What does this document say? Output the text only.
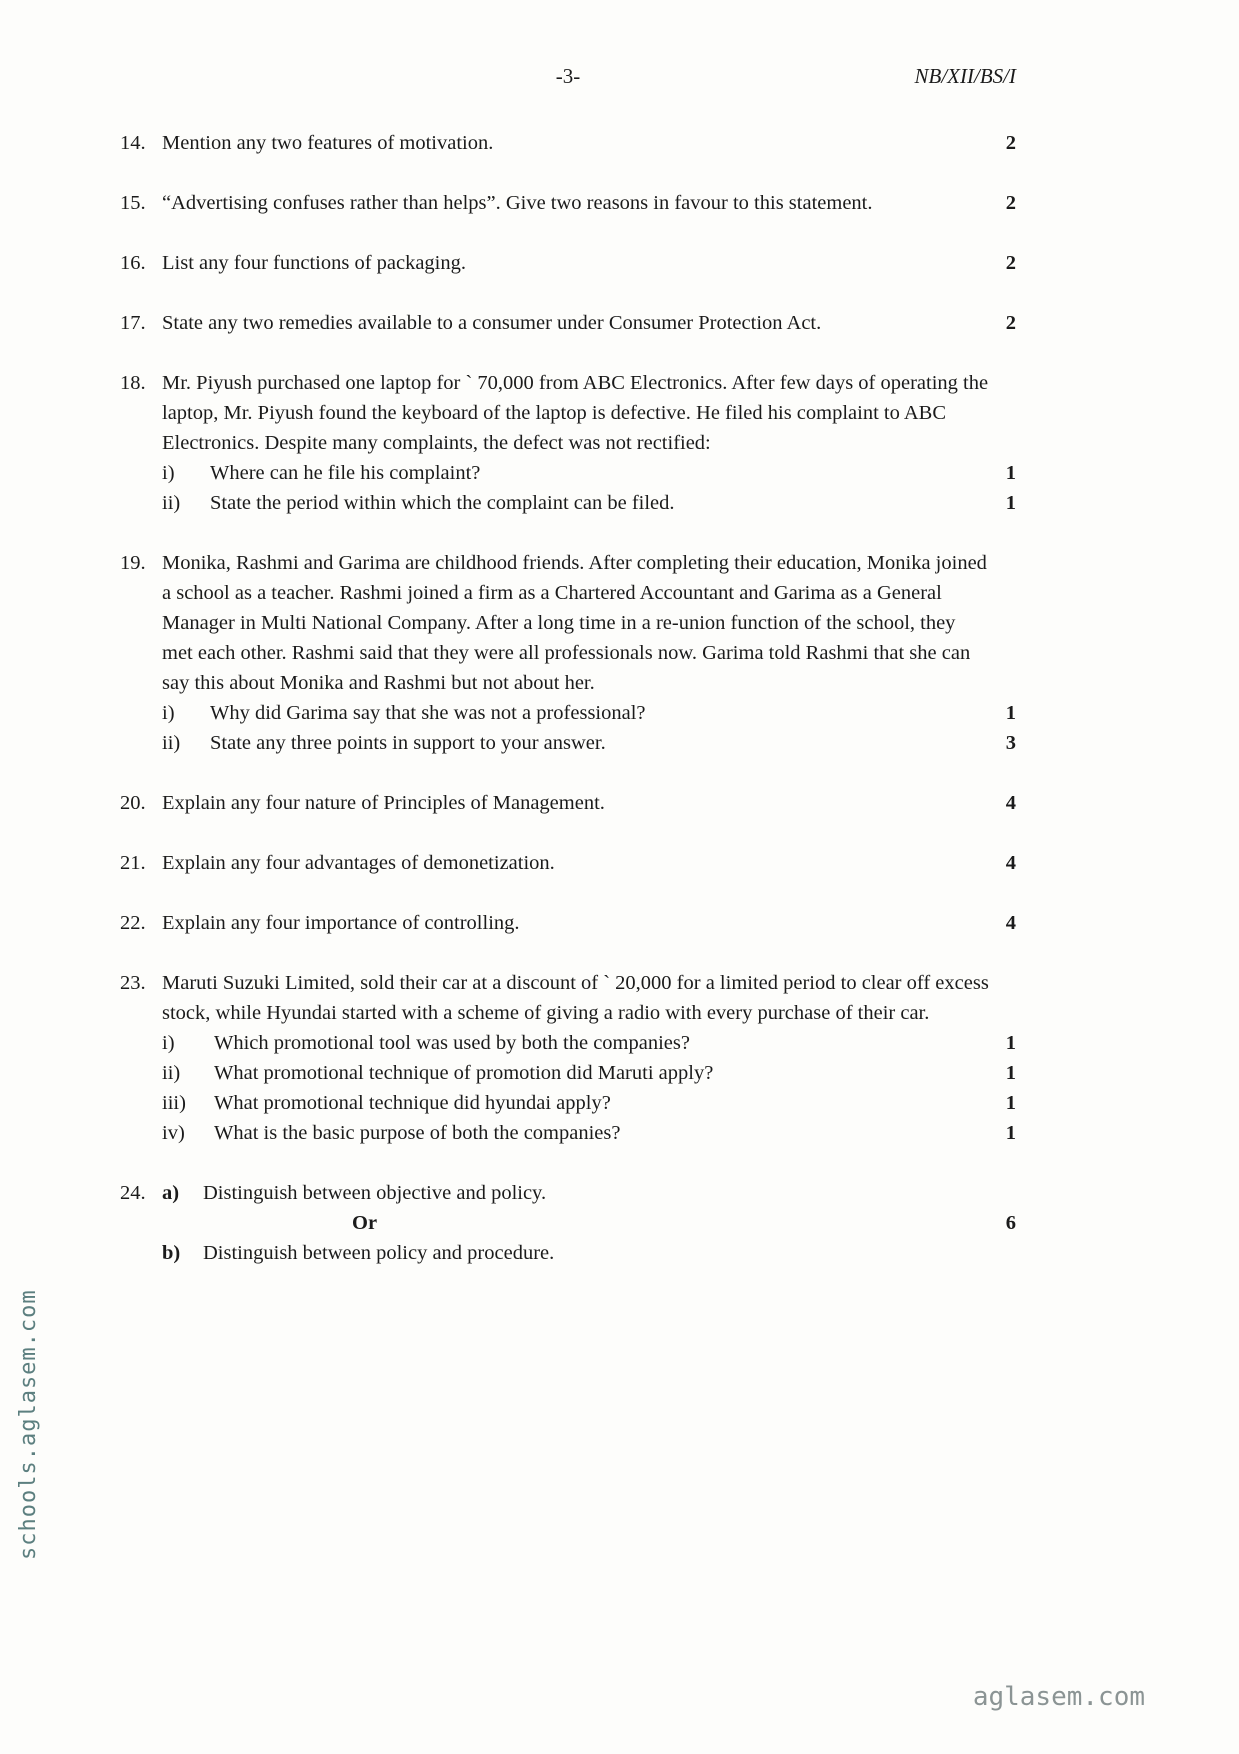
-3-	NB/XII/BS/I
14. Mention any two features of motivation.	2
15. “Advertising confuses rather than helps”. Give two reasons in favour to this statement.	2
16. List any four functions of packaging.	2
17. State any two remedies available to a consumer under Consumer Protection Act.	2
18. Mr. Piyush purchased one laptop for ` 70,000 from ABC Electronics. After few days of operating the laptop, Mr. Piyush found the keyboard of the laptop is defective. He filed his complaint to ABC Electronics. Despite many complaints, the defect was not rectified:
i) Where can he file his complaint?	1
ii) State the period within which the complaint can be filed.	1
19. Monika, Rashmi and Garima are childhood friends. After completing their education, Monika joined a school as a teacher. Rashmi joined a firm as a Chartered Accountant and Garima as a General Manager in Multi National Company. After a long time in a re-union function of the school, they met each other. Rashmi said that they were all professionals now. Garima told Rashmi that she can say this about Monika and Rashmi but not about her.
i) Why did Garima say that she was not a professional?	1
ii) State any three points in support to your answer.	3
20. Explain any four nature of Principles of Management.	4
21. Explain any four advantages of demonetization.	4
22. Explain any four importance of controlling.	4
23. Maruti Suzuki Limited, sold their car at a discount of ` 20,000 for a limited period to clear off excess stock, while Hyundai started with a scheme of giving a radio with every purchase of their car.
i) Which promotional tool was used by both the companies?	1
ii) What promotional technique of promotion did Maruti apply?	1
iii) What promotional technique did hyundai apply?	1
iv) What is the basic purpose of both the companies?	1
24. a) Distinguish between objective and policy.
Or	6
b) Distinguish between policy and procedure.
schools.aglasem.com
aglasem.com
